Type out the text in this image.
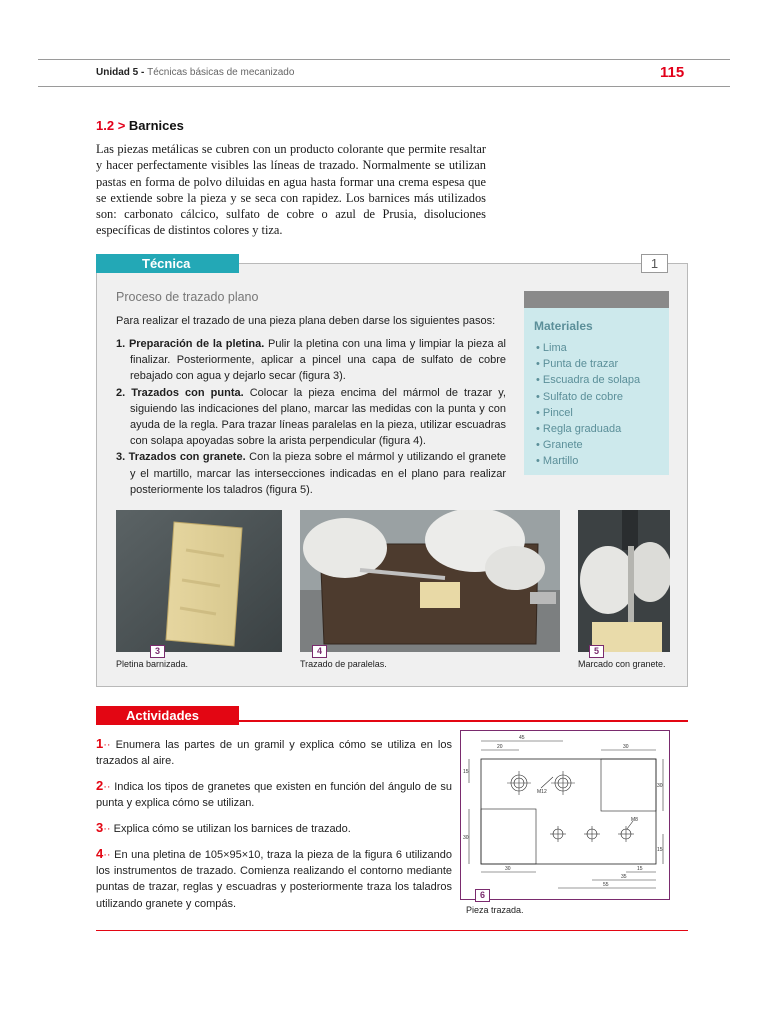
Unidad 5 - Técnicas básicas de mecanizado	115
1.2 > Barnices

Las piezas metálicas se cubren con un producto colorante que permite resaltar y hacer perfectamente visibles las líneas de trazado. Normalmente se utilizan pastas en forma de polvo diluidas en agua hasta formar una crema espesa que se extiende sobre la pieza y se seca con rapidez. Los barnices más utilizados son: carbonato cálcico, sulfato de cobre o azul de Prusia, disoluciones específicas de distintos colores y tiza.

Técnica	1
Proceso de trazado plano
Para realizar el trazado de una pieza plana deben darse los siguientes pasos:
1. Preparación de la pletina. Pulir la pletina con una lima y limpiar la pieza al finalizar. Posteriormente, aplicar a pincel una capa de sulfato de cobre rebajado con agua y dejarlo secar (figura 3).
2. Trazados con punta. Colocar la pieza encima del mármol de trazar y, siguiendo las indicaciones del plano, marcar las medidas con la punta y con ayuda de la regla. Para trazar líneas paralelas en la pieza, utilizar escuadras con solapa apoyadas sobre la arista perpendicular (figura 4).
3. Trazados con granete. Con la pieza sobre el mármol y utilizando el granete y el martillo, marcar las intersecciones indicadas en el plano para realizar posteriormente los taladros (figura 5).
Materiales
• Lima
• Punta de trazar
• Escuadra de solapa
• Sulfato de cobre
• Pincel
• Regla graduada
• Granete
• Martillo
3
Pletina barnizada.
4
Trazado de paralelas.
5
Marcado con granete.
Actividades
1·· Enumera las partes de un gramil y explica cómo se utiliza en los trazados al aire.
2·· Indica los tipos de granetes que existen en función del ángulo de su punta y explica cómo se utilizan.
3·· Explica cómo se utilizan los barnices de trazado.
4·· En una pletina de 105×95×10, traza la pieza de la figura 6 utilizando los instrumentos de trazado. Comienza realizando el contorno mediante puntas de trazar, reglas y escuadras y posteriormente traza los taladros utilizando granete y compás.
45
20	30
15
30
30
30
15
35
55
15
M12
M8
6
Pieza trazada.
